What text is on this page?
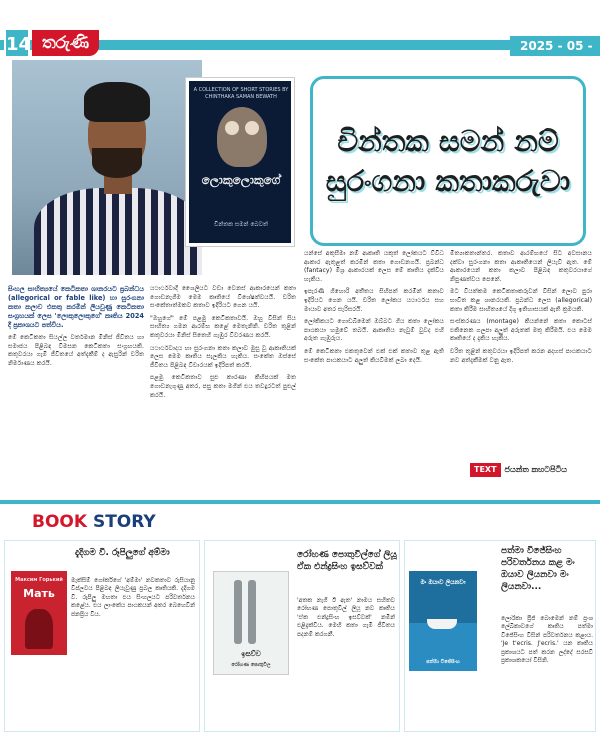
14 තරුණි	2025 - 05 -
A COLLECTION OF SHORT STORIES BY CHINTHAKA SAMAN BEWATH
ලොකුලොකුගේ
චින්තක සමන් බෙවත්
චින්තක සමන් නම් සුරංගනා කතාකරුවා

සිංහල සාහිත්‍යයේ කෙටිකතා ශානරයට ප්‍රබන්ධය (allegorical or fable like) හා සුරංගනා කතා කලාව එකතු කරමින් ලියවුණු කෙටිකතා සංග්‍රහයක් ලෙස 'ලොකුලොකුගේ' කෘතිය 2024 දී ප්‍රකාශයට පත්විය.

මේ කෙටිකතා සියල්ල වර්තමාන මිනිස් ජීවිතය හා සමාජය පිළිබඳ විමසන කෙටිකතා සංග්‍රහයකි. කතුවරයා ගැමි ජීවිතයේ අත්දැකීම් ද ඇසුරින් චරිත නිර්මාණය කරයි.

යථාර්ථවාදී ශෛලියට වඩා වෙනස් ආකාරයෙන් කතා ගොඩනැගීම මෙම කෘතියේ විශේෂත්වයයි. චරිත සංකේතාත්මකව කතාව ඉදිරියට ගෙන යයි.

"ඔහුගේ" මේ පළමු කෙටිකතාවයි. ඔහු විසින් සිය සාහිත්‍ය ගමන ආරම්භ කළේ මෙතැනිනි. චරිත තුළින් කතුවරයා මිනිස් සිතෙහි ගැඹුර විවරණය කරයි.

යථාර්ථවාදය හා සුරංගනා කතා කලාව මුසු වූ ආකෘතියක් ලෙස මෙම කෘතිය සැලකිය හැකිය. සංකේත ඔස්සේ ජීවිතය පිළිබඳ විචාරයක් ඉදිරිපත් කරයි.

පළමු කෙටිකතාව සුළු කාරණා කිහිපයක් මත ගොඩනැගුණු අතර, පසු කතා මගින් එය තවදුරටත් පුළුල් කරයි.

යන්සේ අකුසීමා නම් ආකෘති යකුත් ලෝකයට විවිධ ආකාර ඇතුළත් කරමින් කතා ගොඩනගයි. ප්‍රබන්ධ (fantacy) මිශ්‍ර ආකාරයක් ලෙස මේ කෘතිය දැක්විය හැකිය.

ඉපැරණි ගිහොරි අතීතය සිහිපත් කරමින් කතාව ඉදිරියට ගෙන යයි. චරිත ලෝකය යථාර්ථය සහ මායාව අතර සැරිසරයි.

ලෝකිකයට ගොඩබිමෙන් ඔබ්බට ගිය කතා ලෝකය පාඨකයා හමුවේ තබයි. ආකෘතිය නැවුම් වුවද එහි අරුත ගැඹුරුය.

මේ කෙටිකතා එකතුවෙන් එක් එක් කතාව තුළ ඇති සංකේත පාඨකයාට අලුත් කියවීමක් ලබා දෙයි.

මිත්‍යාකතාන්තර. කතාව ආරම්භයේ සිට අවසානය දක්වා සුරංගනා කතා ආකෘතියෙන් ලියැවී ඇත. මේ ආකාරයෙන් කතා කලාව පිළිබඳ කතුවරයාගේ නිපුණත්වය පෙනේ.

මට වියත්කම කෙටිකතාකරුවන් විසින් ලොව පුරා භාවිත කළ ශානරයකි. ප්‍රබන්ධ ලෙස (allegorical) කතා කිරීම සාහිත්‍යයේ දිගු ඉතිහාසයක් ඇති ක්‍රමයකි.

සංස්කරණය (montage) කියන්නේ කතා කොටස් එකිනෙක ගලපා අලුත් අරුතක් මතු කිරීමයි. එය මෙම කෘතියේ ද දැකිය හැකිය.

චරිත තුළින් කතුවරයා ඉදිරිපත් කරන අදහස් පාඨකයාට නව අත්දැකීමක් වනු ඇත.

TEXT	ජයන්ත කහටපිටිය
BOOK STORY
දැදිගම වී. රූපිලුගේ අම්මා
Максим Горький
Мать
මැක්සිම් ගෝර්කිගේ 'අම්මා' නවකතාව රුසියානු විප්ලවය පිළිබඳ ලියැවුණු ප්‍රබල කෘතියකි. දැදිගම වී. රූපිලු මහතා එය සිංහලයට පරිවර්තනය කළේය. එය ලාංකේය පාඨකයන් අතර බෙහෙවින් ජනප්‍රිය විය.
රෝහණ පොතුවිල්ගේ ලියූ ඒක එන්ද්‍රසිංහ ඉසව්වක්
ඉසව්ව
රෝහණ පොතුවිල
'අතක නැගී ඊ ඇත' නාමය සහිතව රෝහණ පොතුවිල් ලියූ නව කෘතිය 'ඒක එන්ද්‍රසිංහ ඉසව්වක්' නමින් එළිදැක්වීය. මෙහි කතා ගැමි ජීවිතය පදනම් කරගනී.
පත්මා විජේසිංහ පරිවර්තනය කළ මං ඔයාව ලියනවා මං ලියනවා...
මං ඔයාව ලියනවා
පත්මා විජේසිංහ
ලොරිකා ප්‍රීජ් බොමෙන් නම් ප්‍රංශ ලේඛිකාවගේ කෘතිය පත්මා විජේසිංහ විසින් පරිවර්තනය කළාය. 'Je t'ecris. J'ecris.' යන කෘතිය ප්‍රකාශයට පත් කරන ලද්දේ සරසවි ප්‍රකාශකයෝ විසිනි.
